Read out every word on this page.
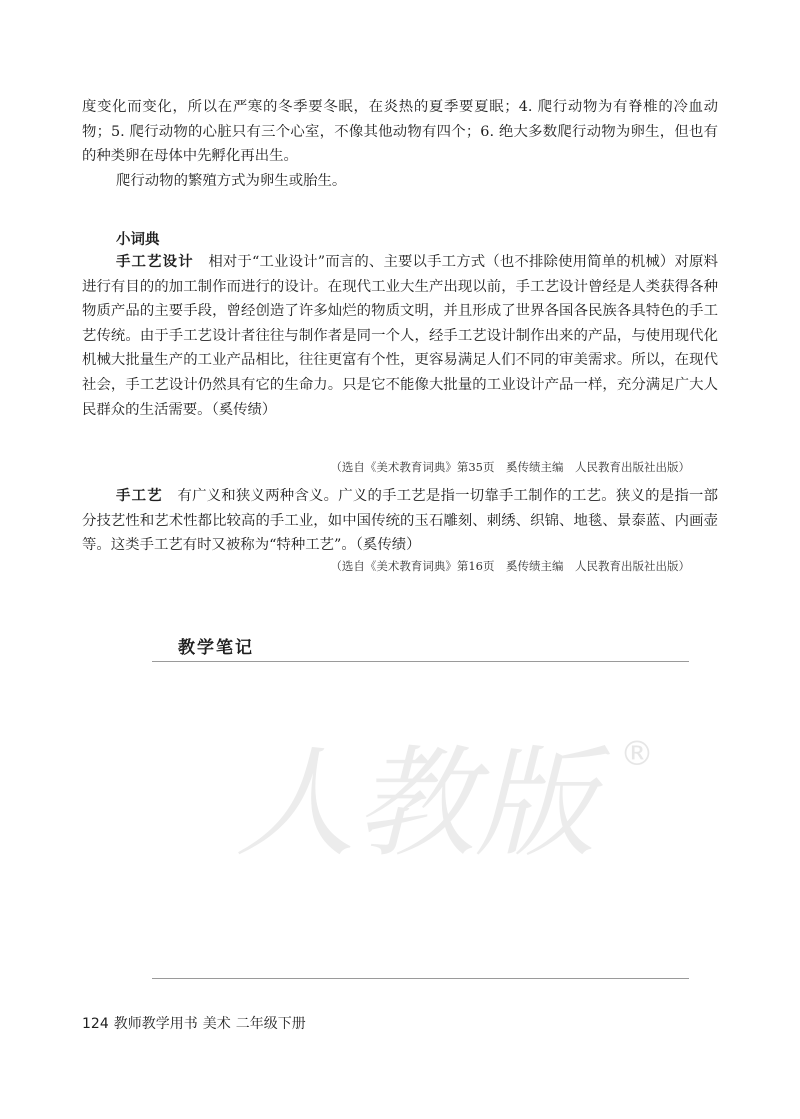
度变化而变化，所以在严寒的冬季要冬眠，在炎热的夏季要夏眠；4. 爬行动物为有脊椎的冷血动物；5. 爬行动物的心脏只有三个心室，不像其他动物有四个；6. 绝大多数爬行动物为卵生，但也有的种类卵在母体中先孵化再出生。

爬行动物的繁殖方式为卵生或胎生。

小词典

手工艺设计　 相对于“工业设计”而言的、主要以手工方式（也不排除使用简单的机械）对原料进行有目的的加工制作而进行的设计。在现代工业大生产出现以前，手工艺设计曾经是人类获得各种物质产品的主要手段，曾经创造了许多灿烂的物质文明，并且形成了世界各国各民族各具特色的手工艺传统。由于手工艺设计者往往与制作者是同一个人，经手工艺设计制作出来的产品，与使用现代化机械大批量生产的工业产品相比，往往更富有个性，更容易满足人们不同的审美需求。所以，在现代社会，手工艺设计仍然具有它的生命力。只是它不能像大批量的工业设计产品一样，充分满足广大人民群众的生活需要。（奚传绩）

（选自《美术教育词典》第35页　奚传绩主编　人民教育出版社出版）

手工艺　 有广义和狭义两种含义。广义的手工艺是指一切靠手工制作的工艺。狭义的是指一部分技艺性和艺术性都比较高的手工业，如中国传统的玉石雕刻、刺绣、织锦、地毯、景泰蓝、内画壶等。这类手工艺有时又被称为“特种工艺”。（奚传绩）

（选自《美术教育词典》第16页　奚传绩主编　人民教育出版社出版）
教学笔记
人教版 ®
124 教师教学用书 美术 二年级下册
